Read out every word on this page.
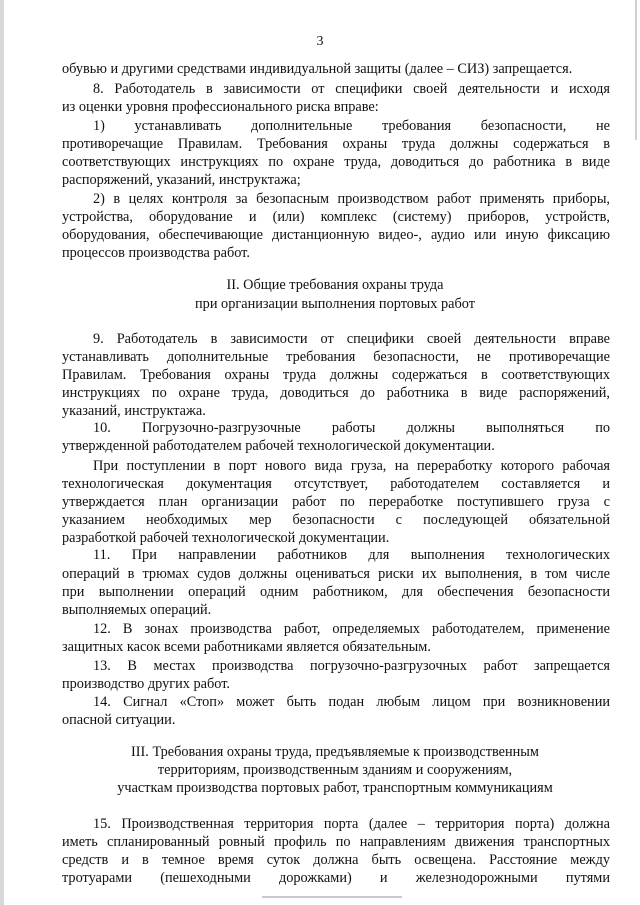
3
обувью и другими средствами индивидуальной защиты (далее – СИЗ) запрещается.
8. Работодатель в зависимости от специфики своей деятельности и исходя
из оценки уровня профессионального риска вправе:
1) устанавливать дополнительные требования безопасности, не
противоречащие Правилам. Требования охраны труда должны содержаться в
соответствующих инструкциях по охране труда, доводиться до работника в виде
распоряжений, указаний, инструктажа;
2) в целях контроля за безопасным производством работ применять приборы,
устройства, оборудование и (или) комплекс (систему) приборов, устройств,
оборудования, обеспечивающие дистанционную видео-, аудио или иную фиксацию
процессов производства работ.
II. Общие требования охраны труда
при организации выполнения портовых работ
9. Работодатель в зависимости от специфики своей деятельности вправе
устанавливать дополнительные требования безопасности, не противоречащие
Правилам. Требования охраны труда должны содержаться в соответствующих
инструкциях по охране труда, доводиться до работника в виде распоряжений,
указаний, инструктажа.
10. Погрузочно-разгрузочные работы должны выполняться по
утвержденной работодателем рабочей технологической документации.
При поступлении в порт нового вида груза, на переработку которого рабочая
технологическая документация отсутствует, работодателем составляется и
утверждается план организации работ по переработке поступившего груза с
указанием необходимых мер безопасности с последующей обязательной
разработкой рабочей технологической документации.
11. При направлении работников для выполнения технологических
операций в трюмах судов должны оцениваться риски их выполнения, в том числе
при выполнении операций одним работником, для обеспечения безопасности
выполняемых операций.
12. В зонах производства работ, определяемых работодателем, применение
защитных касок всеми работниками является обязательным.
13. В местах производства погрузочно-разгрузочных работ запрещается
производство других работ.
14. Сигнал «Стоп» может быть подан любым лицом при возникновении
опасной ситуации.
III. Требования охраны труда, предъявляемые к производственным
территориям, производственным зданиям и сооружениям,
участкам производства портовых работ, транспортным коммуникациям
15. Производственная территория порта (далее – территория порта) должна
иметь спланированный ровный профиль по направлениям движения транспортных
средств и в темное время суток должна быть освещена. Расстояние между
тротуарами (пешеходными дорожками) и железнодорожными путями
